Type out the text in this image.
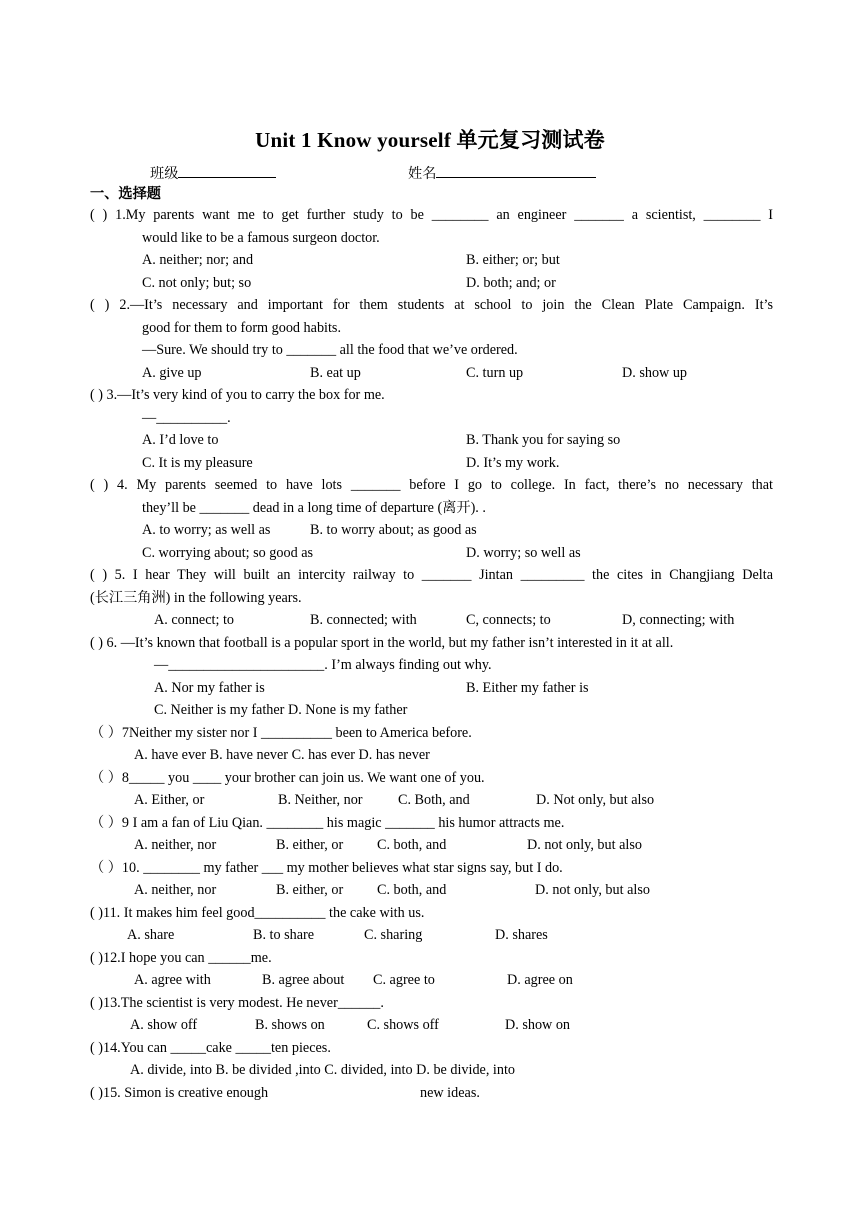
Unit 1 Know yourself 单元复习测试卷
班级	姓名
一、选择题
( ) 1.My parents want me to get further study to be ________ an engineer _______ a scientist, ________ I
would like to be a famous surgeon doctor.
A. neither; nor; and	B. either; or; but
C. not only; but; so	D. both; and; or
( ) 2.—It’s necessary and important for them students at school to join the Clean Plate Campaign. It’s
good for them to form good habits.
—Sure. We should try to _______ all the food that we’ve ordered.
A. give up	B. eat up	C. turn up	D. show up
( ) 3.—It’s very kind of you to carry the box for me.
—__________.
A. I’d love to	B. Thank you for saying so
C. It is my pleasure	D. It’s my work.
( ) 4. My parents seemed to have lots _______ before I go to college. In fact, there’s no necessary that
they’ll be _______ dead in a long time of departure (离开). .
A. to worry; as well as	B. to worry about; as good as
C. worrying about; so good as	D. worry; so well as
( ) 5. I hear They will built an intercity railway to _______ Jintan _________ the cites in Changjiang Delta
(长江三角洲) in the following years.
A. connect; to	B. connected; with	C, connects; to	D, connecting; with
( ) 6. —It’s known that football is a popular sport in the world, but my father isn’t interested in it at all.
—______________________. I’m always finding out why.
A. Nor my father is	B. Either my father is
C. Neither is my father D. None is my father
（ ）7Neither my sister nor I __________ been to America before.
A. have ever B. have never C. has ever D. has never
（ ）8_____ you ____ your brother can join us. We want one of you.
A. Either, or	B. Neither, nor C. Both, and	D. Not only, but also
（ ）9 I am a fan of Liu Qian. ________ his magic _______ his humor attracts me.
A. neither, nor	B. either, or C. both, and	D. not only, but also
（ ）10. ________ my father ___ my mother believes what star signs say, but I do.
A. neither, nor	B. either, or C. both, and	D. not only, but also
( )11. It makes him feel good__________ the cake with us.
A. share	B. to share	C. sharing	D. shares
( )12.I hope you can ______me.
A. agree with	B. agree about C. agree to	D. agree on
( )13.The scientist is very modest. He never______.
A. show off	B. shows on	C. shows off	D. show on
( )14.You can _____cake _____ten pieces.
A. divide, into B. be divided ,into C. divided, into D. be divide, into
( )15. Simon is creative enough	new ideas.
